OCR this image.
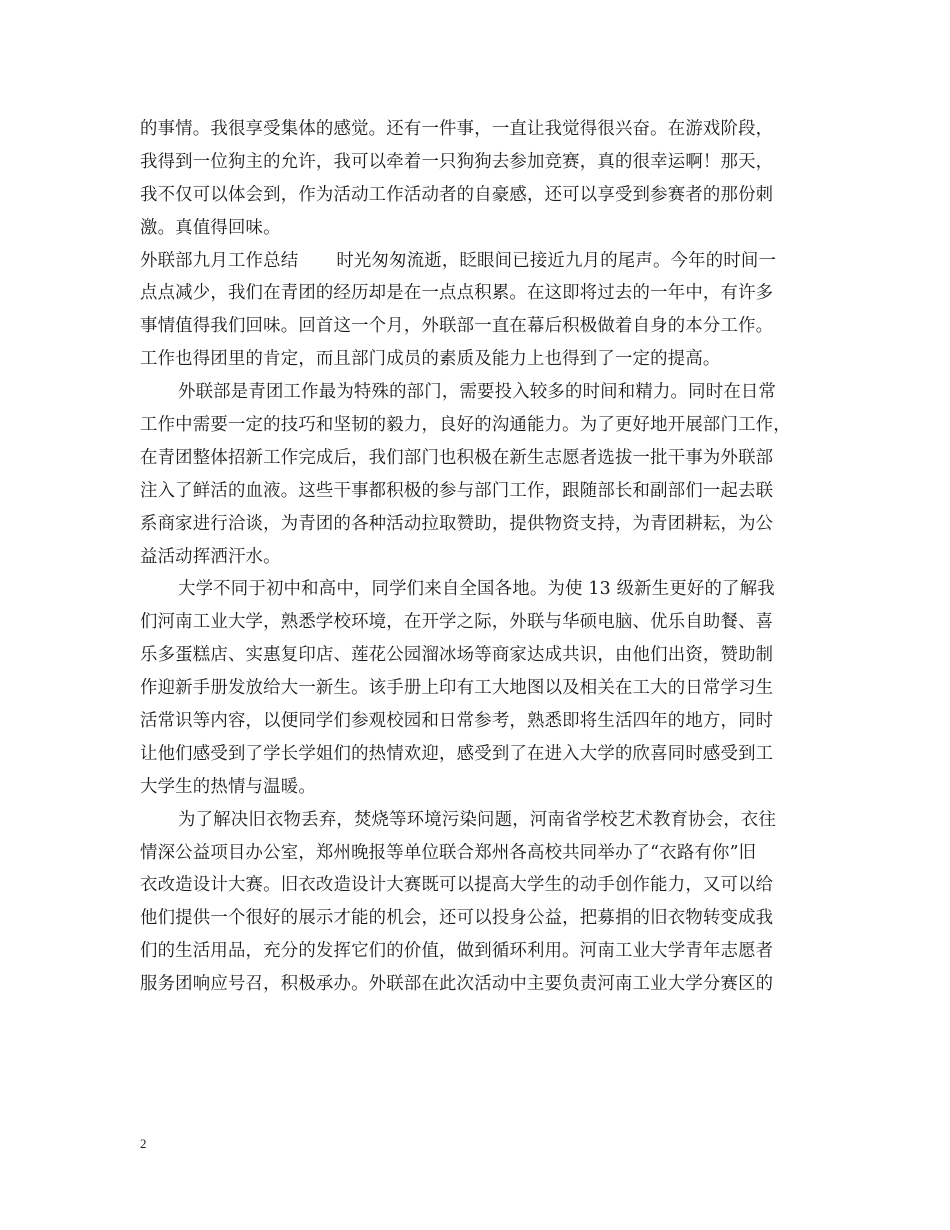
的事情。我很享受集体的感觉。还有一件事，一直让我觉得很兴奋。在游戏阶段，
我得到一位狗主的允许，我可以牵着一只狗狗去参加竞赛，真的很幸运啊！那天，
我不仅可以体会到，作为活动工作活动者的自豪感，还可以享受到参赛者的那份刺
激。真值得回味。
外联部九月工作总结 时光匆匆流逝，眨眼间已接近九月的尾声。今年的时间一
点点减少，我们在青团的经历却是在一点点积累。在这即将过去的一年中，有许多
事情值得我们回味。回首这一个月，外联部一直在幕后积极做着自身的本分工作。
工作也得团里的肯定，而且部门成员的素质及能力上也得到了一定的提高。
外联部是青团工作最为特殊的部门，需要投入较多的时间和精力。同时在日常
工作中需要一定的技巧和坚韧的毅力，良好的沟通能力。为了更好地开展部门工作，
在青团整体招新工作完成后，我们部门也积极在新生志愿者选拔一批干事为外联部
注入了鲜活的血液。这些干事都积极的参与部门工作，跟随部长和副部们一起去联
系商家进行洽谈，为青团的各种活动拉取赞助，提供物资支持，为青团耕耘，为公
益活动挥洒汗水。
大学不同于初中和高中，同学们来自全国各地。为使 13 级新生更好的了解我
们河南工业大学，熟悉学校环境，在开学之际，外联与华硕电脑、优乐自助餐、喜
乐多蛋糕店、实惠复印店、莲花公园溜冰场等商家达成共识，由他们出资，赞助制
作迎新手册发放给大一新生。该手册上印有工大地图以及相关在工大的日常学习生
活常识等内容，以便同学们参观校园和日常参考，熟悉即将生活四年的地方，同时
让他们感受到了学长学姐们的热情欢迎，感受到了在进入大学的欣喜同时感受到工
大学生的热情与温暖。
为了解决旧衣物丢弃，焚烧等环境污染问题，河南省学校艺术教育协会，衣往
情深公益项目办公室，郑州晚报等单位联合郑州各高校共同举办了“衣路有你”旧
衣改造设计大赛。旧衣改造设计大赛既可以提高大学生的动手创作能力，又可以给
他们提供一个很好的展示才能的机会，还可以投身公益，把募捐的旧衣物转变成我
们的生活用品，充分的发挥它们的价值，做到循环利用。河南工业大学青年志愿者
服务团响应号召，积极承办。外联部在此次活动中主要负责河南工业大学分赛区的
2
